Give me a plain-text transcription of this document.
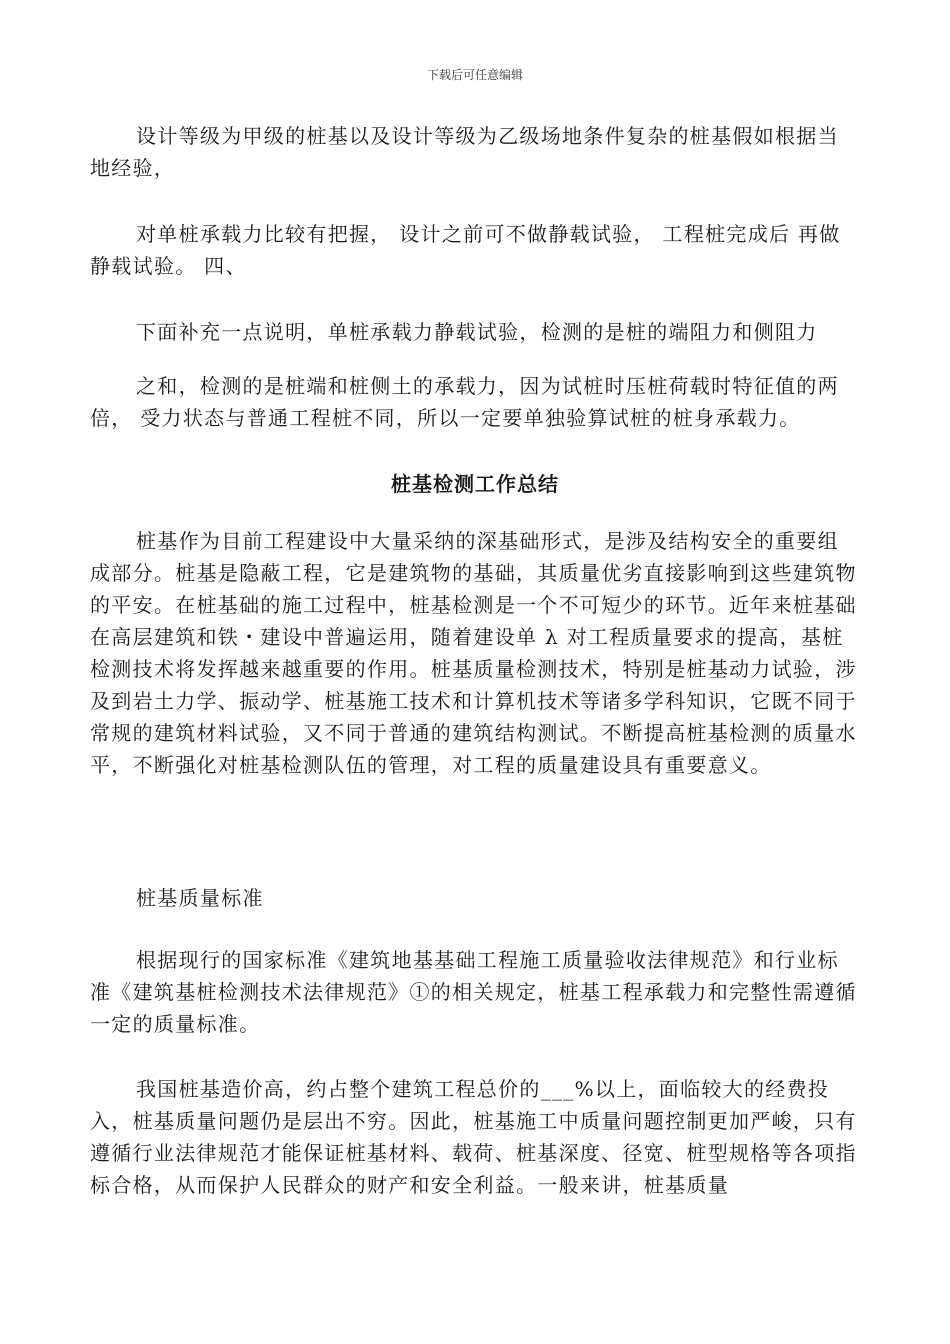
下载后可任意编辑

设计等级为甲级的桩基以及设计等级为乙级场地条件复杂的桩基假如根据当地经验，

对单桩承载力比较有把握， 设计之前可不做静载试验， 工程桩完成后 再做静载试验。 四、

下面补充一点说明，单桩承载力静载试验，检测的是桩的端阻力和侧阻力

之和，检测的是桩端和桩侧土的承载力，因为试桩时压桩荷载时特征值的两倍， 受力状态与普通工程桩不同，所以一定要单独验算试桩的桩身承载力。

桩基检测工作总结

桩基作为目前工程建设中大量采纳的深基础形式，是涉及结构安全的重要组成部分。桩基是隐蔽工程，它是建筑物的基础，其质量优劣直接影响到这些建筑物的平安。在桩基础的施工过程中，桩基检测是一个不可短少的环节。近年来桩基础在高层建筑和铁・建设中普遍运用，随着建设单 λ 对工程质量要求的提高，基桩检测技术将发挥越来越重要的作用。桩基质量检测技术，特别是桩基动力试验，涉及到岩土力学、振动学、桩基施工技术和计算机技术等诸多学科知识，它既不同于常规的建筑材料试验，又不同于普通的建筑结构测试。不断提高桩基检测的质量水平，不断强化对桩基检测队伍的管理，对工程的质量建设具有重要意义。

桩基质量标准

根据现行的国家标准《建筑地基基础工程施工质量验收法律规范》和行业标准《建筑基桩检测技术法律规范》①的相关规定，桩基工程承载力和完整性需遵循一定的质量标准。

我国桩基造价高，约占整个建筑工程总价的___%以上，面临较大的经费投入，桩基质量问题仍是层出不穷。因此，桩基施工中质量问题控制更加严峻，只有遵循行业法律规范才能保证桩基材料、载荷、桩基深度、径宽、桩型规格等各项指标合格，从而保护人民群众的财产和安全利益。一般来讲，桩基质量
